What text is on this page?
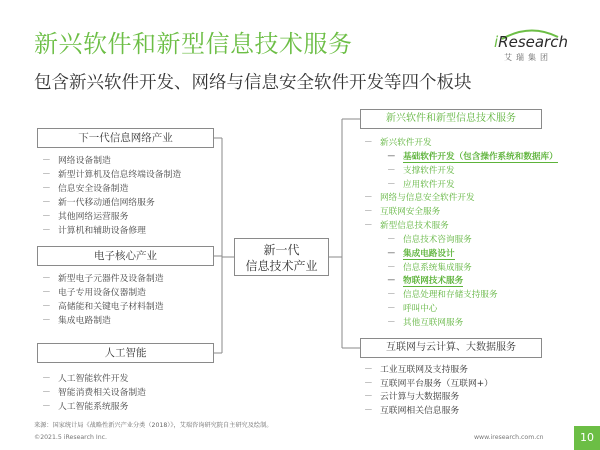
新兴软件和新型信息技术服务
包含新兴软件开发、网络与信息安全软件开发等四个板块
iResearch
艾瑞集团
新一代
信息技术产业
下一代信息网络产业
－ 网络设备制造
－ 新型计算机及信息终端设备制造
－ 信息安全设备制造
－ 新一代移动通信网络服务
－ 其他网络运营服务
－ 计算机和辅助设备修理
电子核心产业
－ 新型电子元器件及设备制造
－ 电子专用设备仪器制造
－ 高储能和关键电子材料制造
－ 集成电路制造
人工智能
－ 人工智能软件开发
－ 智能消费相关设备制造
－ 人工智能系统服务
新兴软件和新型信息技术服务
－ 新兴软件开发
－ 基础软件开发（包含操作系统和数据库）
－ 支撑软件开发
－ 应用软件开发
－ 网络与信息安全软件开发
－ 互联网安全服务
－ 新型信息技术服务
－ 信息技术咨询服务
－ 集成电路设计
－ 信息系统集成服务
－ 物联网技术服务
－ 信息处理和存储支持服务
－ 呼叫中心
－ 其他互联网服务
互联网与云计算、大数据服务
－ 工业互联网及支持服务
－ 互联网平台服务（互联网+）
－ 云计算与大数据服务
－ 互联网相关信息服务
来源：国家统计局《战略性新兴产业分类（2018）》，艾瑞咨询研究院自主研究及绘制。
©2021.5 iResearch Inc.	www.iresearch.com.cn	10
